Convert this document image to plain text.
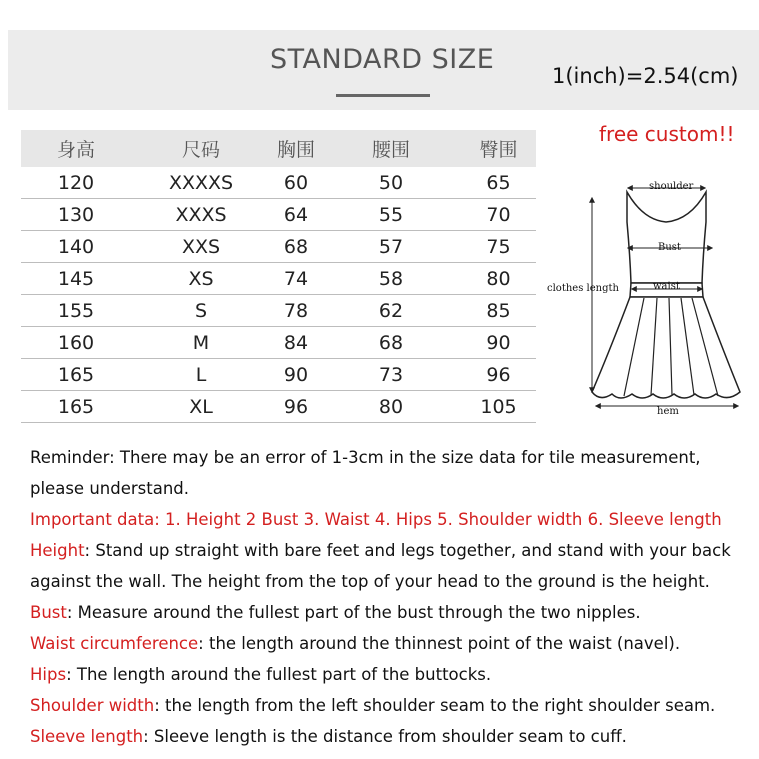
STANDARD SIZE
1(inch)=2.54(cm)
free custom!!
身高	尺码	胸围	腰围	臀围
120	XXXXS	60	50	65
130	XXXS	64	55	70
140	XXS	68	57	75
145	XS	74	58	80
155	S	78	62	85
160	M	84	68	90
165	L	90	73	96
165	XL	96	80	105
shoulder
Bust
waist
clothes length
hem
Reminder: There may be an error of 1-3cm in the size data for tile measurement,
please understand.
Important data: 1. Height 2 Bust 3. Waist 4. Hips 5. Shoulder width 6. Sleeve length
Height: Stand up straight with bare feet and legs together, and stand with your back
against the wall. The height from the top of your head to the ground is the height.
Bust: Measure around the fullest part of the bust through the two nipples.
Waist circumference: the length around the thinnest point of the waist (navel).
Hips: The length around the fullest part of the buttocks.
Shoulder width: the length from the left shoulder seam to the right shoulder seam.
Sleeve length: Sleeve length is the distance from shoulder seam to cuff.
